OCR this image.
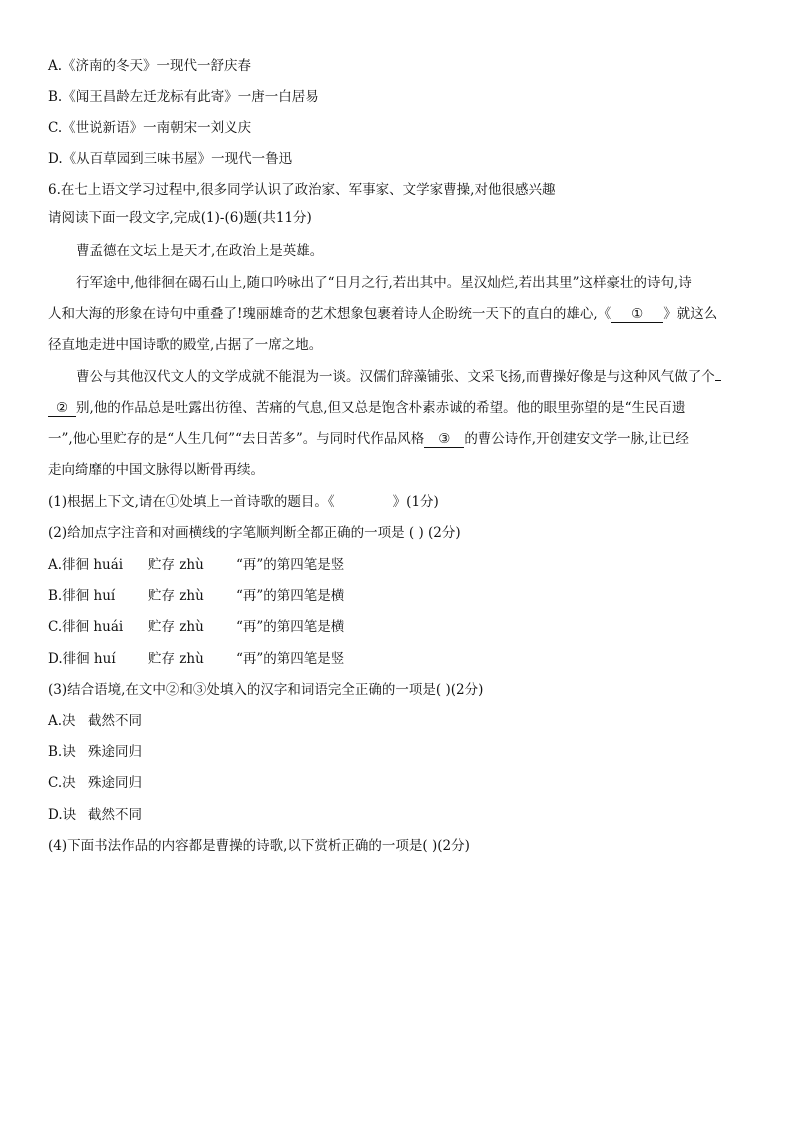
A.《济南的冬天》一现代一舒庆春
B.《闻王昌龄左迁龙标有此寄》一唐一白居易
C.《世说新语》一南朝宋一刘义庆
D.《从百草园到三味书屋》一现代一鲁迅
6.在七上语文学习过程中,很多同学认识了政治家、军事家、文学家曹操,对他很感兴趣
请阅读下面一段文字,完成(1)-(6)题(共11分)
曹孟德在文坛上是天才,在政治上是英雄。
行军途中,他徘徊在碣石山上,随口吟咏出了“日月之行,若出其中。星汉灿烂,若出其里”这样豪壮的诗句,诗
人和大海的形象在诗句中重叠了!瑰丽雄奇的艺术想象包裹着诗人企盼统一天下的直白的雄心,《 ① 》就这么
径直地走进中国诗歌的殿堂,占据了一席之地。
曹公与其他汉代文人的文学成就不能混为一谈。汉儒们辞藻铺张、文采飞扬,而曹操好像是与这种风气做了个
② 别,他的作品总是吐露出彷徨、苦痛的气息,但又总是饱含朴素赤诚的希望。他的眼里弥望的是“生民百遗
一”,他心里贮存的是“人生几何”“去日苦多”。与同时代作品风格 ③ 的曹公诗作,开创建安文学一脉,让已经
走向绮靡的中国文脉得以断骨再续。
(1)根据上下文,请在①处填上一首诗歌的题目。《	》(1分)
(2)给加点字注音和对画横线的字笔顺判断全都正确的一项是 ( ) (2分)
A.徘徊 huái 贮存 zhù “再”的第四笔是竖
B.徘徊 huí 贮存 zhù “再”的第四笔是横
C.徘徊 huái 贮存 zhù “再”的第四笔是横
D.徘徊 huí 贮存 zhù “再”的第四笔是竖
(3)结合语境,在文中②和③处填入的汉字和词语完全正确的一项是( )(2分)
A.决 截然不同
B.诀 殊途同归
C.决 殊途同归
D.诀 截然不同
(4)下面书法作品的内容都是曹操的诗歌,以下赏析正确的一项是( )(2分)
